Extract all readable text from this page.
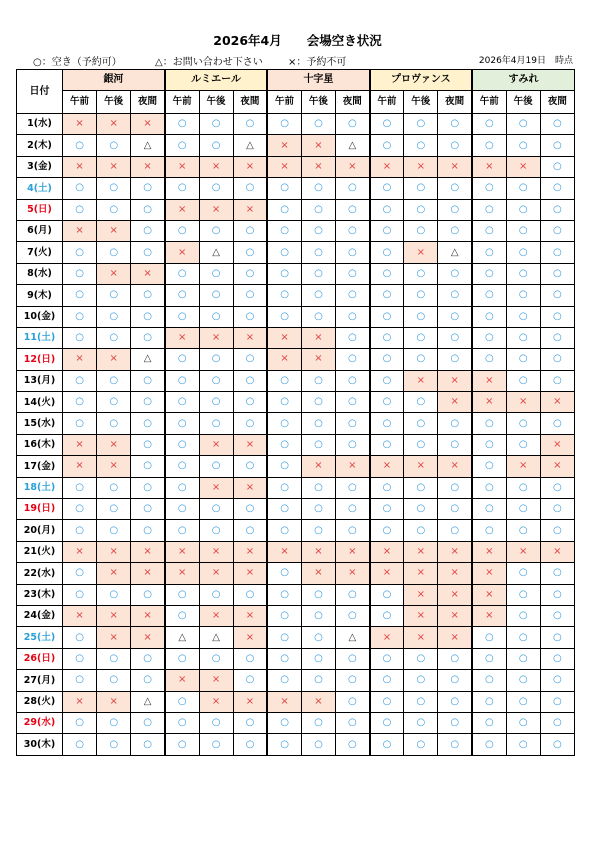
2026年4月　　会場空き状況
○：空き（予約可）	△：お問い合わせ下さい	×：予約不可	2026年4月19日　時点
日付	銀河			ルミエール			十字星			プロヴァンス			すみれ		
	午前	午後	夜間	午前	午後	夜間	午前	午後	夜間	午前	午後	夜間	午前	午後	夜間
1(水)	×	×	×	○	○	○	○	○	○	○	○	○	○	○	○
2(木)	○	○	△	○	○	△	×	×	△	○	○	○	○	○	○
3(金)	×	×	×	×	×	×	×	×	×	×	×	×	×	×	○
4(土)	○	○	○	○	○	○	○	○	○	○	○	○	○	○	○
5(日)	○	○	○	×	×	×	○	○	○	○	○	○	○	○	○
6(月)	×	×	○	○	○	○	○	○	○	○	○	○	○	○	○
7(火)	○	○	○	×	△	○	○	○	○	○	×	△	○	○	○
8(水)	○	×	×	○	○	○	○	○	○	○	○	○	○	○	○
9(木)	○	○	○	○	○	○	○	○	○	○	○	○	○	○	○
10(金)	○	○	○	○	○	○	○	○	○	○	○	○	○	○	○
11(土)	○	○	○	×	×	×	×	×	○	○	○	○	○	○	○
12(日)	×	×	△	○	○	○	×	×	○	○	○	○	○	○	○
13(月)	○	○	○	○	○	○	○	○	○	○	×	×	×	○	○
14(火)	○	○	○	○	○	○	○	○	○	○	○	×	×	×	×
15(水)	○	○	○	○	○	○	○	○	○	○	○	○	○	○	○
16(木)	×	×	○	○	×	×	○	○	○	○	○	○	○	○	×
17(金)	×	×	○	○	○	○	○	×	×	×	×	×	○	×	×
18(土)	○	○	○	○	×	×	○	○	○	○	○	○	○	○	○
19(日)	○	○	○	○	○	○	○	○	○	○	○	○	○	○	○
20(月)	○	○	○	○	○	○	○	○	○	○	○	○	○	○	○
21(火)	×	×	×	×	×	×	×	×	×	×	×	×	×	×	×
22(水)	○	×	×	×	×	×	○	×	×	×	×	×	×	○	○
23(木)	○	○	○	○	○	○	○	○	○	○	×	×	×	○	○
24(金)	×	×	×	○	×	×	○	○	○	○	×	×	×	○	○
25(土)	○	×	×	△	△	×	○	○	△	×	×	×	○	○	○
26(日)	○	○	○	○	○	○	○	○	○	○	○	○	○	○	○
27(月)	○	○	○	×	×	○	○	○	○	○	○	○	○	○	○
28(火)	×	×	△	○	×	×	×	×	○	○	○	○	○	○	○
29(水)	○	○	○	○	○	○	○	○	○	○	○	○	○	○	○
30(木)	○	○	○	○	○	○	○	○	○	○	○	○	○	○	○
